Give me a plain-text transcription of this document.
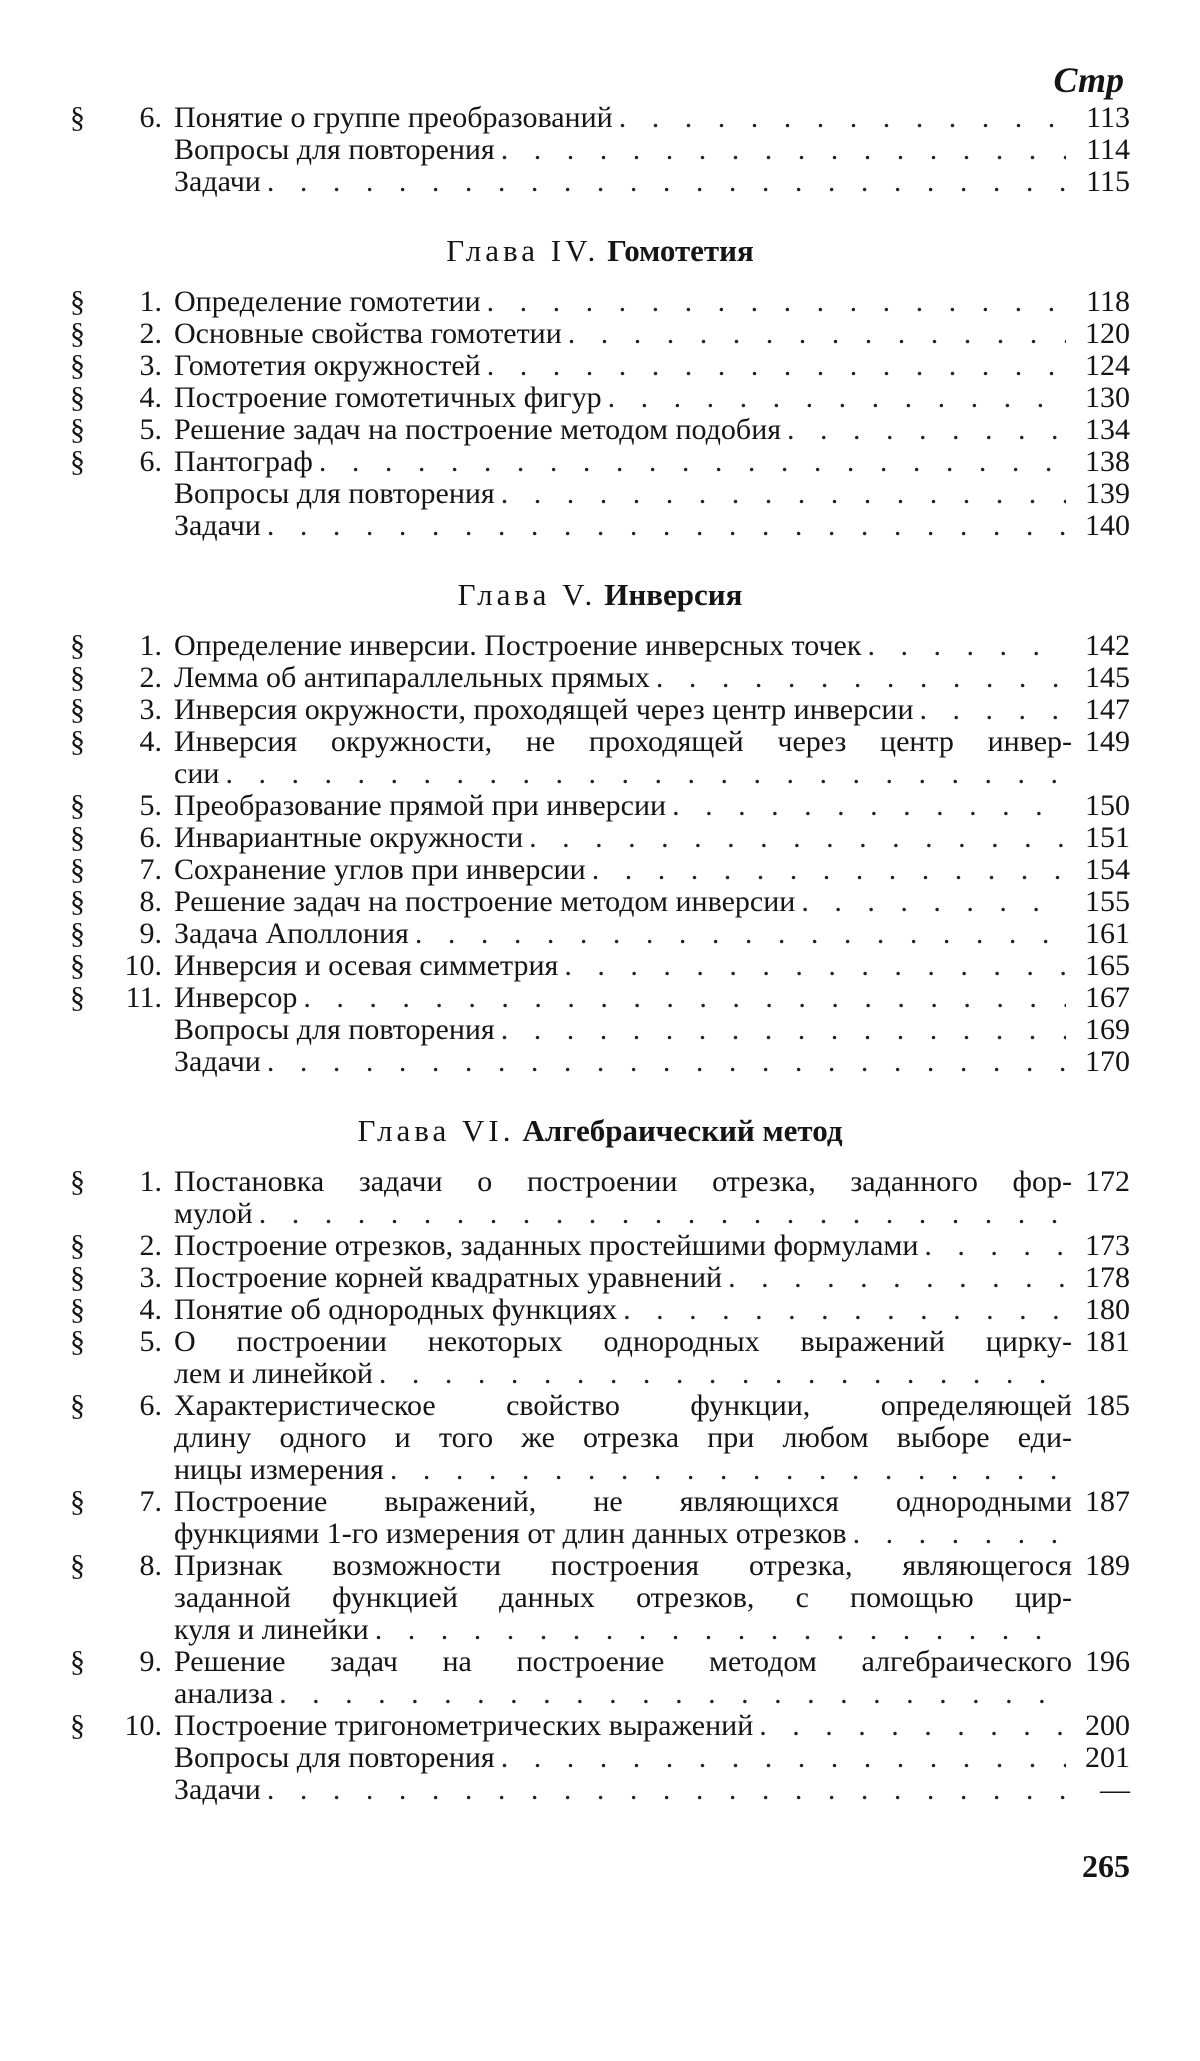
Стр
§	6. Понятие о группе преобразований
. . .	113
Вопросы для повторения
. . .	114
Задачи
. . .	115
Глава IV. Гомотетия
§	1. Определение гомотетии
. . .	118
§	2. Основные свойства гомотетии
. . .	120
§	3. Гомотетия окружностей
. . .	124
§	4. Построение гомотетичных фигур
. . .	130
§	5. Решение задач на построение методом подобия
. . .	134
§	6. Пантограф
. . .	138
Вопросы для повторения
. . .	139
Задачи
. . .	140
Глава V. Инверсия
§	1. Определение инверсии. Построение инверсных точек
. . .	142
§	2. Лемма об антипараллельных прямых
. . .	145
§	3. Инверсия окружности, проходящей через центр инверсии
. . .	147
§	4. Инверсия окружности, не проходящей через центр инвер-
сии
. . .
149
§	5. Преобразование прямой при инверсии
. . .	150
§	6. Инвариантные окружности
. . .	151
§	7. Сохранение углов при инверсии
. . .	154
§	8. Решение задач на построение методом инверсии
. . .	155
§	9. Задача Аполлония
. . .	161
§	10. Инверсия и осевая симметрия
. . .	165
§	11. Инверсор
. . .	167
Вопросы для повторения
. . .	169
Задачи
. . .	170
Глава VI. Алгебраический метод
§	1. Постановка задачи о построении отрезка, заданного фор-
мулой
. . .
172
§	2. Построение отрезков, заданных простейшими формулами
. . .	173
§	3. Построение корней квадратных уравнений
. . .	178
§	4. Понятие об однородных функциях
. . .	180
§	5. О построении некоторых однородных выражений цирку-
лем и линейкой
. . .
181
§	6. Характеристическое свойство функции, определяющей
длину одного и того же отрезка при любом выборе еди-
ницы измерения
. . .
185
§	7. Построение выражений, не являющихся однородными
функциями 1-го измерения от длин данных отрезков
. . .
187
§	8. Признак возможности построения отрезка, являющегося
заданной функцией данных отрезков, с помощью цир-
куля и линейки
. . .
189
§	9. Решение задач на построение методом алгебраического
анализа
. . .
196
§	10. Построение тригонометрических выражений
. . .	200
Вопросы для повторения
. . .	201
Задачи
. . .	—
265
